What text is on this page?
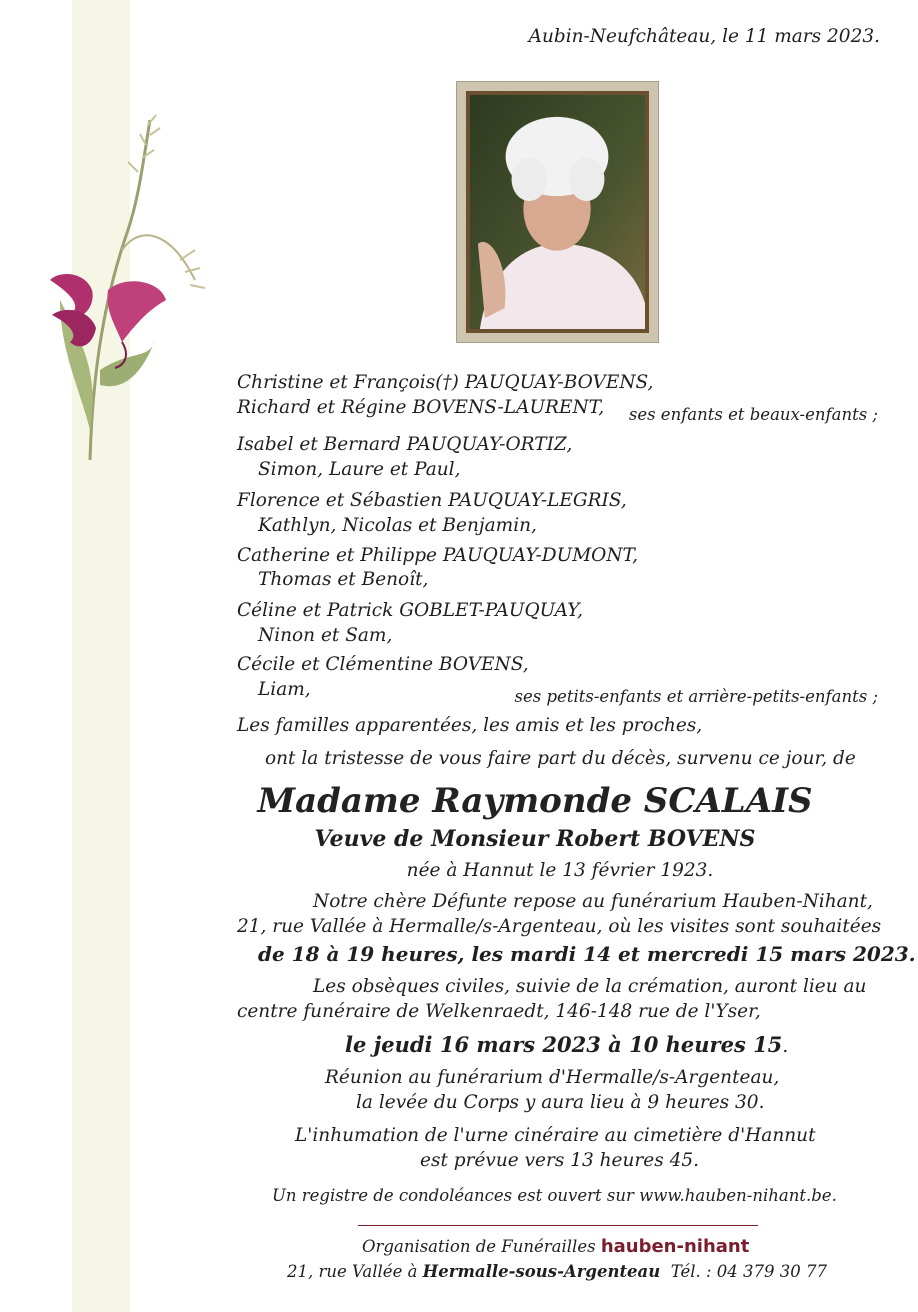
Aubin-Neufchâteau, le 11 mars 2023.
Christine et François(†) PAUQUAY-BOVENS,
Richard et Régine BOVENS-LAURENT, ses enfants et beaux-enfants ;
Isabel et Bernard PAUQUAY-ORTIZ,
Simon, Laure et Paul,
Florence et Sébastien PAUQUAY-LEGRIS,
Kathlyn, Nicolas et Benjamin,
Catherine et Philippe PAUQUAY-DUMONT,
Thomas et Benoît,
Céline et Patrick GOBLET-PAUQUAY,
Ninon et Sam,
Cécile et Clémentine BOVENS,
Liam,	ses petits-enfants et arrière-petits-enfants ;
Les familles apparentées, les amis et les proches,
ont la tristesse de vous faire part du décès, survenu ce jour, de
Madame Raymonde SCALAIS
Veuve de Monsieur Robert BOVENS
née à Hannut le 13 février 1923.
Notre chère Défunte repose au funérarium Hauben-Nihant,
21, rue Vallée à Hermalle/s-Argenteau, où les visites sont souhaitées
de 18 à 19 heures, les mardi 14 et mercredi 15 mars 2023.
Les obsèques civiles, suivie de la crémation, auront lieu au
centre funéraire de Welkenraedt, 146-148 rue de l'Yser,
le jeudi 16 mars 2023 à 10 heures 15.
Réunion au funérarium d'Hermalle/s-Argenteau,
la levée du Corps y aura lieu à 9 heures 30.
L'inhumation de l'urne cinéraire au cimetière d'Hannut
est prévue vers 13 heures 45.
Un registre de condoléances est ouvert sur www.hauben-nihant.be.
Organisation de Funérailles hauben-nihant
21, rue Vallée à Hermalle-sous-Argenteau Tél. : 04 379 30 77
